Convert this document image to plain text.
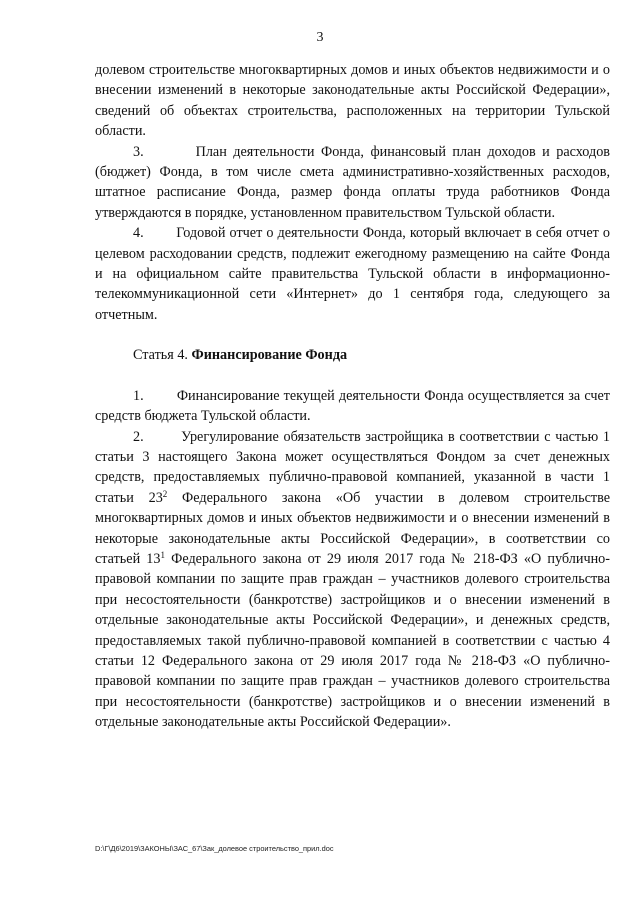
3

долевом строительстве многоквартирных домов и иных объектов недвижимости и о внесении изменений в некоторые законодательные акты Российской Федерации», сведений об объектах строительства, расположенных на территории Тульской области.

3.        План деятельности Фонда, финансовый план доходов и расходов (бюджет) Фонда, в том числе смета административно-хозяйственных расходов, штатное расписание Фонда, размер фонда оплаты труда работников Фонда утверждаются в порядке, установленном правительством Тульской области.

4.        Годовой отчет о деятельности Фонда, который включает в себя отчет о целевом расходовании средств, подлежит ежегодному размещению на сайте Фонда и на официальном сайте правительства Тульской области в информационно-телекоммуникационной сети «Интернет» до 1 сентября года, следующего за отчетным.

Статья 4. Финансирование Фонда

1.        Финансирование текущей деятельности Фонда осуществляется за счет средств бюджета Тульской области.

2.        Урегулирование обязательств застройщика в соответствии с частью 1 статьи 3 настоящего Закона может осуществляться Фондом за счет денежных средств, предоставляемых публично-правовой компанией, указанной в части 1 статьи $23^2$ Федерального закона «Об участии в долевом строительстве многоквартирных домов и иных объектов недвижимости и о внесении изменений в некоторые законодательные акты Российской Федерации», в соответствии со статьей $13^1$ Федерального закона от 29 июля 2017 года № 218-ФЗ «О публично-правовой компании по защите прав граждан – участников долевого строительства при несостоятельности (банкротстве) застройщиков и о внесении изменений в отдельные законодательные акты Российской Федерации», и денежных средств, предоставляемых такой публично-правовой компанией в соответствии с частью 4 статьи 12 Федерального закона от 29 июля 2017 года № 218-ФЗ «О публично-правовой компании по защите прав граждан – участников долевого строительства при несостоятельности (банкротстве) застройщиков и о внесении изменений в отдельные законодательные акты Российской Федерации».

D:\Г\Д6\2019\ЗАКОНЫ\ЗАС_67\Зак_долевое строительство_прил.doc
